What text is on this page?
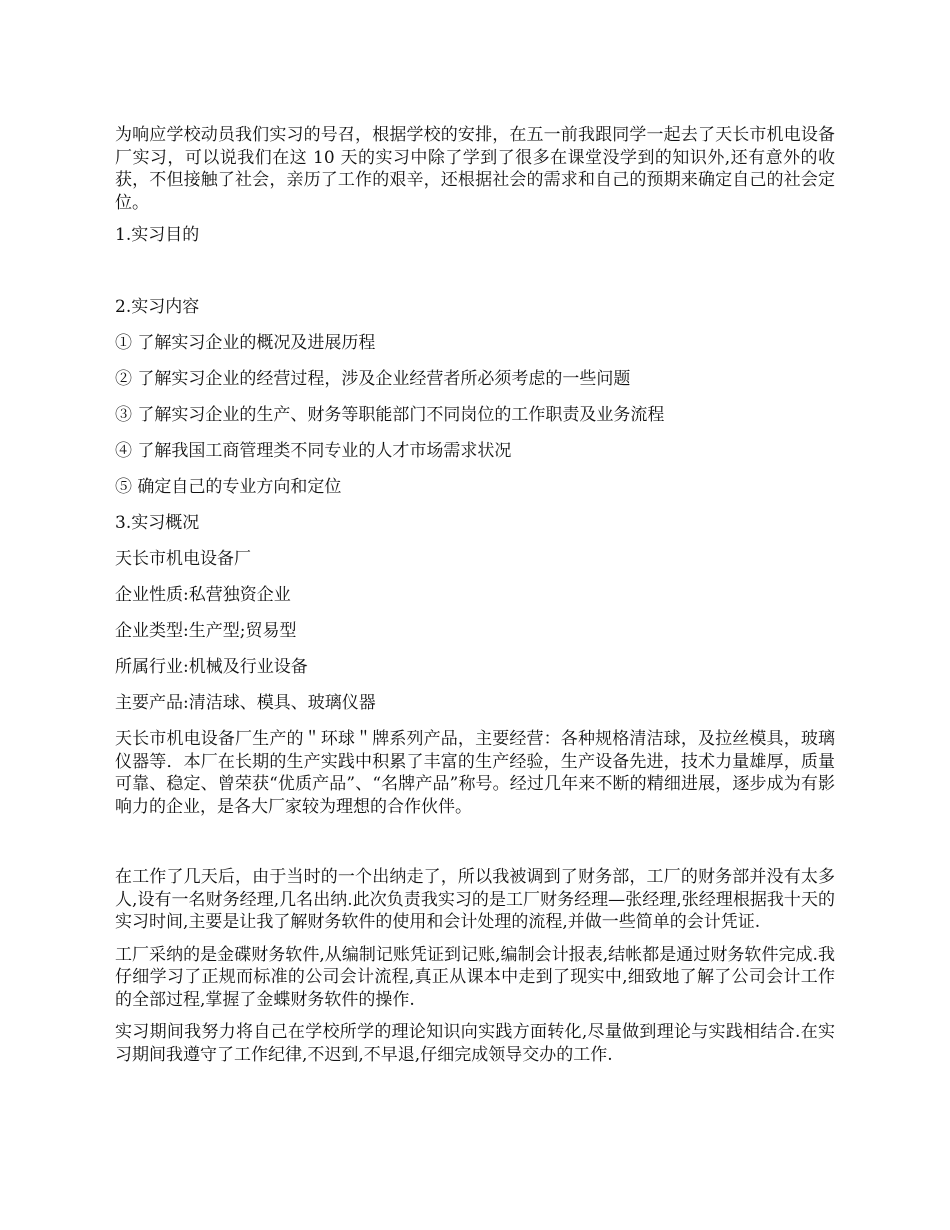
为响应学校动员我们实习的号召，根据学校的安排，在五一前我跟同学一起去了天长市机电设备厂实习，可以说我们在这 10 天的实习中除了学到了很多在课堂没学到的知识外,还有意外的收获，不但接触了社会，亲历了工作的艰辛，还根据社会的需求和自己的预期来确定自己的社会定位。

1.实习目的

2.实习内容

① 了解实习企业的概况及进展历程

② 了解实习企业的经营过程，涉及企业经营者所必须考虑的一些问题

③ 了解实习企业的生产、财务等职能部门不同岗位的工作职责及业务流程

④ 了解我国工商管理类不同专业的人才市场需求状况

⑤ 确定自己的专业方向和定位

3.实习概况

天长市机电设备厂

企业性质:私营独资企业

企业类型:生产型;贸易型

所属行业:机械及行业设备

主要产品:清洁球、模具、玻璃仪器

天长市机电设备厂生产的＂环球＂牌系列产品，主要经营：各种规格清洁球，及拉丝模具，玻璃仪器等．本厂在长期的生产实践中积累了丰富的生产经验，生产设备先进，技术力量雄厚，质量可靠、稳定、曾荣获“优质产品”、“名牌产品”称号。经过几年来不断的精细进展，逐步成为有影响力的企业，是各大厂家较为理想的合作伙伴。

在工作了几天后，由于当时的一个出纳走了，所以我被调到了财务部，工厂的财务部并没有太多人,设有一名财务经理,几名出纳.此次负责我实习的是工厂财务经理—张经理,张经理根据我十天的实习时间,主要是让我了解财务软件的使用和会计处理的流程,并做一些简单的会计凭证.

工厂采纳的是金碟财务软件,从编制记账凭证到记账,编制会计报表,结帐都是通过财务软件完成.我仔细学习了正规而标准的公司会计流程,真正从课本中走到了现实中,细致地了解了公司会计工作的全部过程,掌握了金蝶财务软件的操作.

实习期间我努力将自己在学校所学的理论知识向实践方面转化,尽量做到理论与实践相结合.在实习期间我遵守了工作纪律,不迟到,不早退,仔细完成领导交办的工作.
